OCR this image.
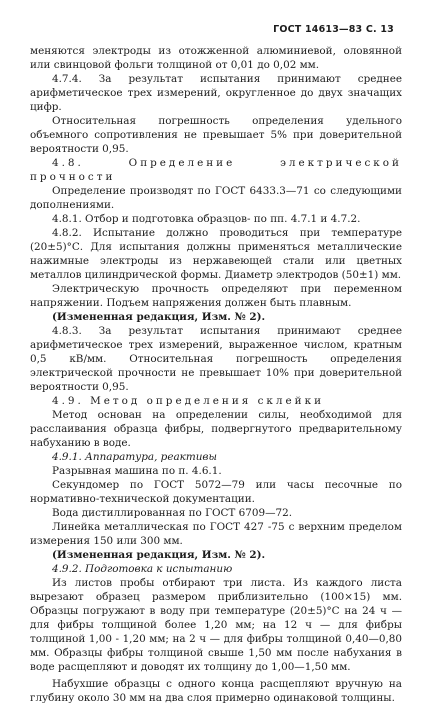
ГОСТ 14613—83 С. 13

меняются электроды из отожженной алюминиевой, оловянной или свинцовой фольги толщиной от 0,01 до 0,02 мм.

4.7.4. За результат испытания принимают среднее арифметическое трех измерений, округленное до двух значащих цифр.

Относительная погрешность определения удельного объемного сопротивления не превышает 5% при доверительной вероятности 0,95.

4.8. Определение электрической прочности

Определение производят по ГОСТ 6433.3—71 со следующими дополнениями.

4.8.1. Отбор и подготовка образцов- по пп. 4.7.1 и 4.7.2.

4.8.2. Испытание должно проводиться при температуре (20±5)°С. Для испытания должны применяться металлические нажимные электроды из нержавеющей стали или цветных металлов цилиндрической формы. Диаметр электродов (50±1) мм.

Электрическую прочность определяют при переменном напряжении. Подъем напряжения должен быть плавным.

(Измененная редакция, Изм. № 2).

4.8.3. За результат испытания принимают среднее арифметическое трех измерений, выраженное числом, кратным 0,5 кВ/мм. Относительная погрешность определения электрической прочности не превышает 10% при доверительной вероятности 0,95.

4.9. Метод определения склейки

Метод основан на определении силы, необходимой для расслаивания образца фибры, подвергнутого предварительному набуханию в воде.

4.9.1. Аппаратура, реактивы

Разрывная машина по п. 4.6.1.

Секундомер по ГОСТ 5072—79 или часы песочные по нормативно-технической документации.

Вода дистиллированная по ГОСТ 6709—72.

Линейка металлическая по ГОСТ 427 -75 с верхним пределом измерения 150 или 300 мм.

(Измененная редакция, Изм. № 2).

4.9.2. Подготовка к испытанию

Из листов пробы отбирают три листа. Из каждого листа вырезают образец размером приблизительно (100×15) мм. Образцы погружают в воду при температуре (20±5)°С на 24 ч — для фибры толщиной более 1,20 мм; на 12 ч — для фибры толщиной 1,00 - 1,20 мм; на 2 ч — для фибры толщиной 0,40—0,80 мм. Образцы фибры толщиной свыше 1,50 мм после набухания в воде расщепляют и доводят их толщину до 1,00—1,50 мм.

Набухшие образцы с одного конца расщепляют вручную на глубину около 30 мм на два слоя примерно одинаковой толщины.
